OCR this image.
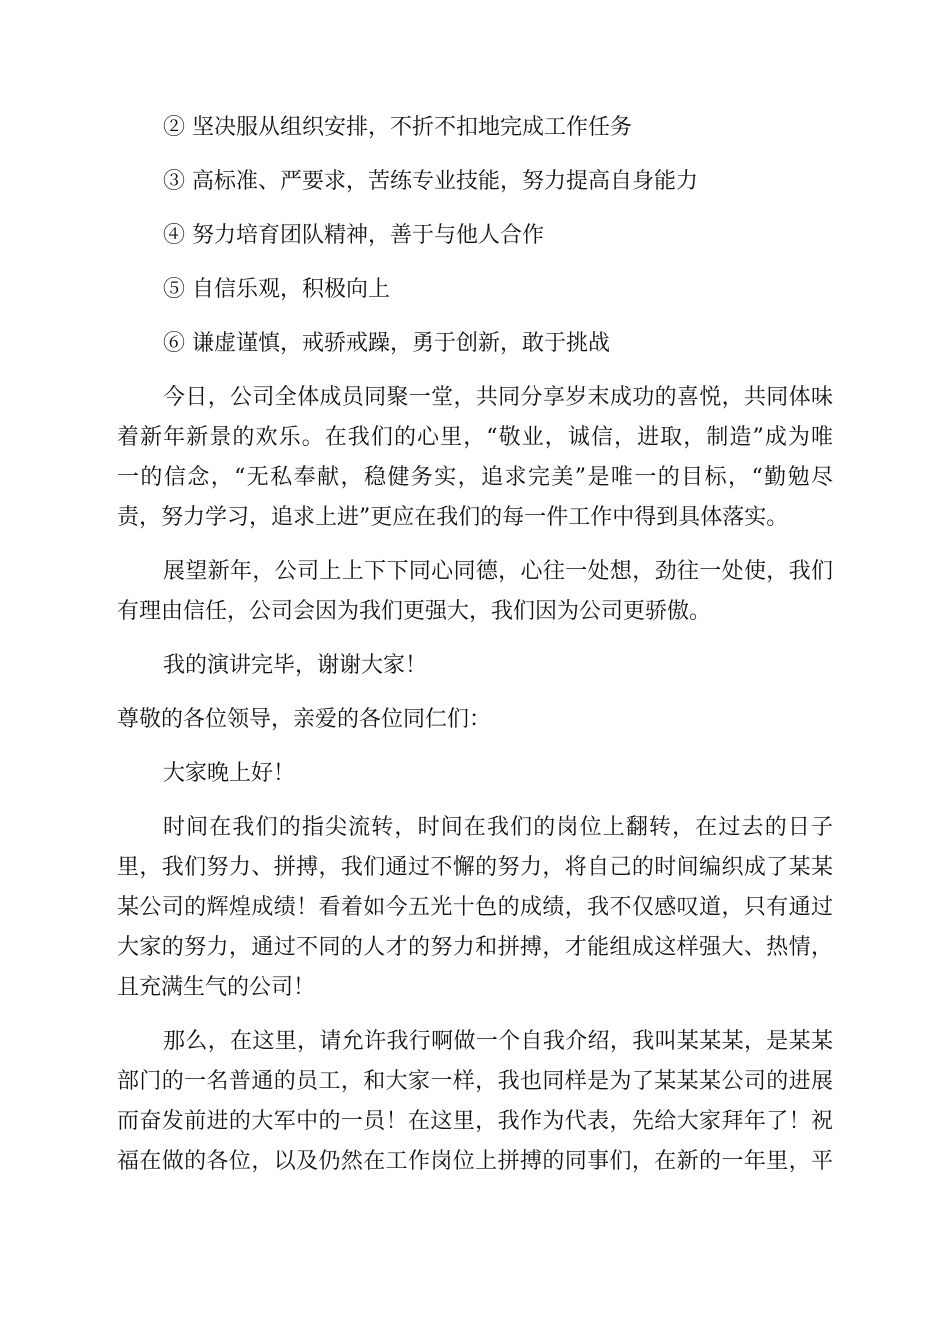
② 坚决服从组织安排，不折不扣地完成工作任务

③ 高标准、严要求，苦练专业技能，努力提高自身能力

④ 努力培育团队精神，善于与他人合作

⑤ 自信乐观，积极向上

⑥ 谦虚谨慎，戒骄戒躁，勇于创新，敢于挑战

今日，公司全体成员同聚一堂，共同分享岁末成功的喜悦，共同体味

着新年新景的欢乐。在我们的心里，“敬业，诚信，进取，制造”成为唯

一的信念，“无私奉献，稳健务实，追求完美”是唯一的目标，“勤勉尽

责，努力学习，追求上进”更应在我们的每一件工作中得到具体落实。

展望新年，公司上上下下同心同德，心往一处想，劲往一处使，我们

有理由信任，公司会因为我们更强大，我们因为公司更骄傲。

我的演讲完毕，谢谢大家！

尊敬的各位领导，亲爱的各位同仁们：

大家晚上好！

时间在我们的指尖流转，时间在我们的岗位上翻转，在过去的日子

里，我们努力、拼搏，我们通过不懈的努力，将自己的时间编织成了某某

某公司的辉煌成绩！看着如今五光十色的成绩，我不仅感叹道，只有通过

大家的努力，通过不同的人才的努力和拼搏，才能组成这样强大、热情，

且充满生气的公司！

那么，在这里，请允许我行啊做一个自我介绍，我叫某某某，是某某

部门的一名普通的员工，和大家一样，我也同样是为了某某某公司的进展

而奋发前进的大军中的一员！在这里，我作为代表，先给大家拜年了！祝

福在做的各位，以及仍然在工作岗位上拼搏的同事们，在新的一年里，平
